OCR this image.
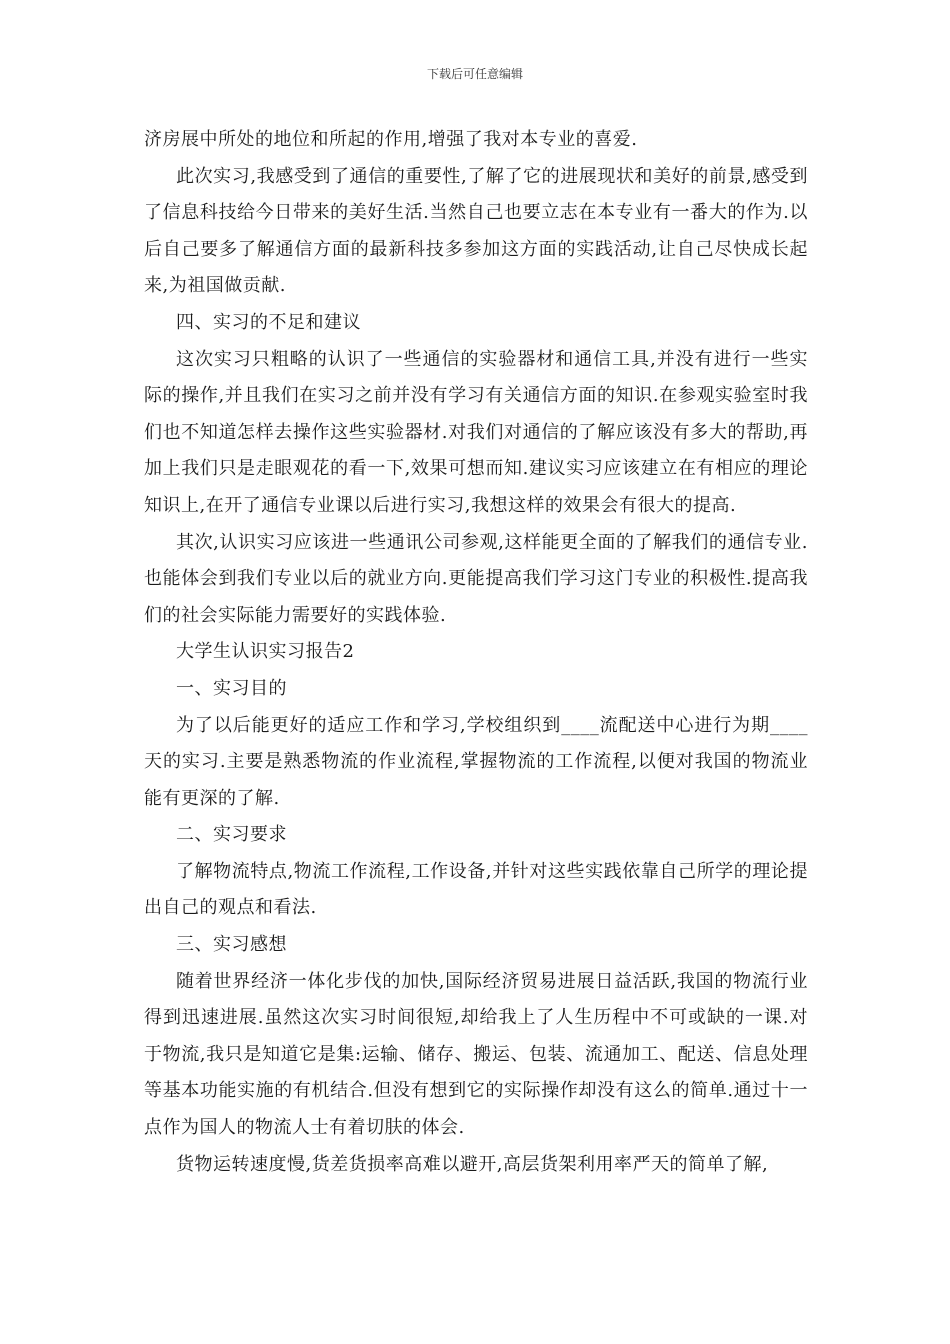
下载后可任意编辑

济房展中所处的地位和所起的作用,增强了我对本专业的喜爱.

此次实习,我感受到了通信的重要性,了解了它的进展现状和美好的前景,感受到了信息科技给今日带来的美好生活.当然自己也要立志在本专业有一番大的作为.以后自己要多了解通信方面的最新科技多参加这方面的实践活动,让自己尽快成长起来,为祖国做贡献.

四、实习的不足和建议

这次实习只粗略的认识了一些通信的实验器材和通信工具,并没有进行一些实际的操作,并且我们在实习之前并没有学习有关通信方面的知识.在参观实验室时我们也不知道怎样去操作这些实验器材.对我们对通信的了解应该没有多大的帮助,再加上我们只是走眼观花的看一下,效果可想而知.建议实习应该建立在有相应的理论知识上,在开了通信专业课以后进行实习,我想这样的效果会有很大的提高.

其次,认识实习应该进一些通讯公司参观,这样能更全面的了解我们的通信专业.也能体会到我们专业以后的就业方向.更能提高我们学习这门专业的积极性.提高我们的社会实际能力需要好的实践体验.

大学生认识实习报告2

一、实习目的

为了以后能更好的适应工作和学习,学校组织到____流配送中心进行为期____天的实习.主要是熟悉物流的作业流程,掌握物流的工作流程,以便对我国的物流业能有更深的了解.

二、实习要求

了解物流特点,物流工作流程,工作设备,并针对这些实践依靠自己所学的理论提出自己的观点和看法.

三、实习感想

随着世界经济一体化步伐的加快,国际经济贸易进展日益活跃,我国的物流行业得到迅速进展.虽然这次实习时间很短,却给我上了人生历程中不可或缺的一课.对于物流,我只是知道它是集:运输、储存、搬运、包装、流通加工、配送、信息处理等基本功能实施的有机结合.但没有想到它的实际操作却没有这么的简单.通过十一点作为国人的物流人士有着切肤的体会.

货物运转速度慢,货差货损率高难以避开,高层货架利用率严天的简单了解,
